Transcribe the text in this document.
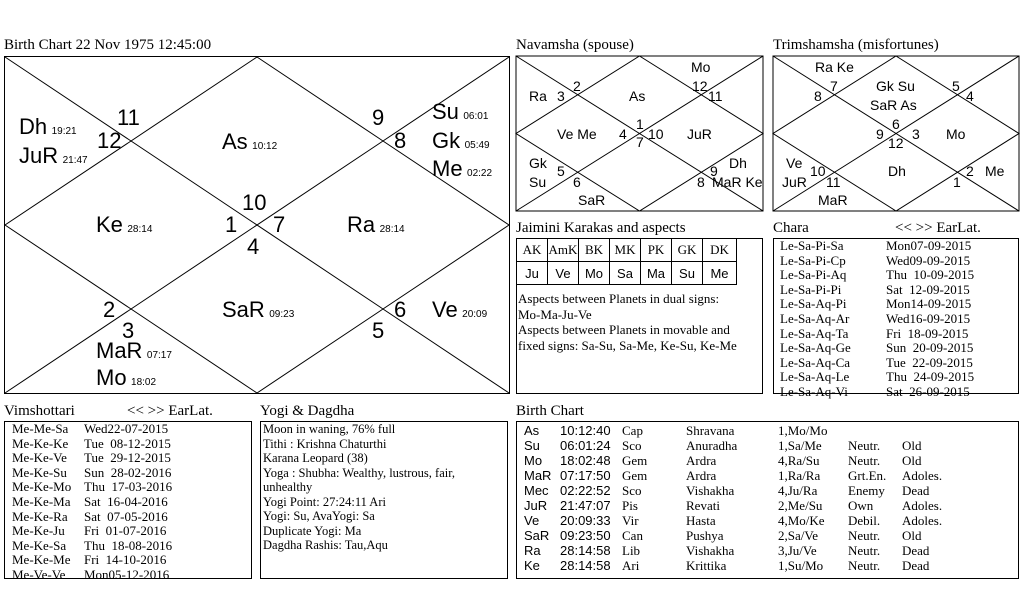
Birth Chart 22 Nov 1975 12:45:00
10
11
12
1
2
3
4
5
6
7
8
9
Dh 19:21
JuR 21:47
As 10:12
Su 06:01
Gk 05:49
Me 02:22
Ke 28:14	Ra 28:14
SaR 09:23	Ve 20:09
MaR 07:17
Mo 18:02
Navamsha (spouse)
Mo
Ra 3
2	12
11
As
Ve Me 4
1
7 10 JuR
Gk
Su
5
6
9 Dh
8 MaR Ke
SaR
Trimshamsha (misfortunes)
Ra Ke
8
7	Gk Su
SaR As
5
4
9
6
12
3 Mo
Ve
JuR
10
11
Dh
1
2 Me
MaR
Jaimini Karakas and aspects
AK	AmK	BK	MK	PK	GK	DK
Ju	Ve	Mo	Sa	Ma	Su	Me
Aspects between Planets in dual signs:
Mo-Ma-Ju-Ve
Aspects between Planets in movable and
fixed signs: Sa-Su, Sa-Me, Ke-Su, Ke-Me
Chara	<< >> EarLat.
Le-Sa-Pi-Sa	Mon07-09-2015
Le-Sa-Pi-Cp	Wed09-09-2015
Le-Sa-Pi-Aq	Thu  10-09-2015
Le-Sa-Pi-Pi	Sat  12-09-2015
Le-Sa-Aq-Pi	Mon14-09-2015
Le-Sa-Aq-Ar	Wed16-09-2015
Le-Sa-Aq-Ta	Fri  18-09-2015
Le-Sa-Aq-Ge	Sun  20-09-2015
Le-Sa-Aq-Ca	Tue  22-09-2015
Le-Sa-Aq-Le	Thu  24-09-2015
Le-Sa-Aq-Vi	Sat  26-09-2015
Vimshottari	<< >> EarLat.
Me-Me-Sa	Wed22-07-2015
Me-Ke-Ke	Tue  08-12-2015
Me-Ke-Ve	Tue  29-12-2015
Me-Ke-Su	Sun  28-02-2016
Me-Ke-Mo Thu  17-03-2016
Me-Ke-Ma	Sat  16-04-2016
Me-Ke-Ra	Sat  07-05-2016
Me-Ke-Ju	Fri  01-07-2016
Me-Ke-Sa	Thu  18-08-2016
Me-Ke-Me	Fri  14-10-2016
Me-Ve-Ve	Mon05-12-2016
Yogi & Dagdha
Moon in waning, 76% full
Tithi : Krishna Chaturthi
Karana Leopard (38)
Yoga : Shubha: Wealthy, lustrous, fair,
unhealthy
Yogi Point: 27:24:11 Ari
Yogi: Su, AvaYogi: Sa
Duplicate Yogi: Ma
Dagdha Rashis: Tau,Aqu
Birth Chart
As	10:12:40	Cap	Shravana	1,Mo/Mo		
Su	06:01:24	Sco	Anuradha	1,Sa/Me	Neutr.	Old
Mo	18:02:48	Gem	Ardra	4,Ra/Su	Neutr.	Old
MaR	07:17:50	Gem	Ardra	1,Ra/Ra	Grt.En.	Adoles.
Mec	02:22:52	Sco	Vishakha	4,Ju/Ra	Enemy	Dead
JuR	21:47:07	Pis	Revati	2,Me/Su	Own	Adoles.
Ve	20:09:33	Vir	Hasta	4,Mo/Ke	Debil.	Adoles.
SaR	09:23:50	Can	Pushya	2,Sa/Ve	Neutr.	Old
Ra	28:14:58	Lib	Vishakha	3,Ju/Ve	Neutr.	Dead
Ke	28:14:58	Ari	Krittika	1,Su/Mo	Neutr.	Dead
